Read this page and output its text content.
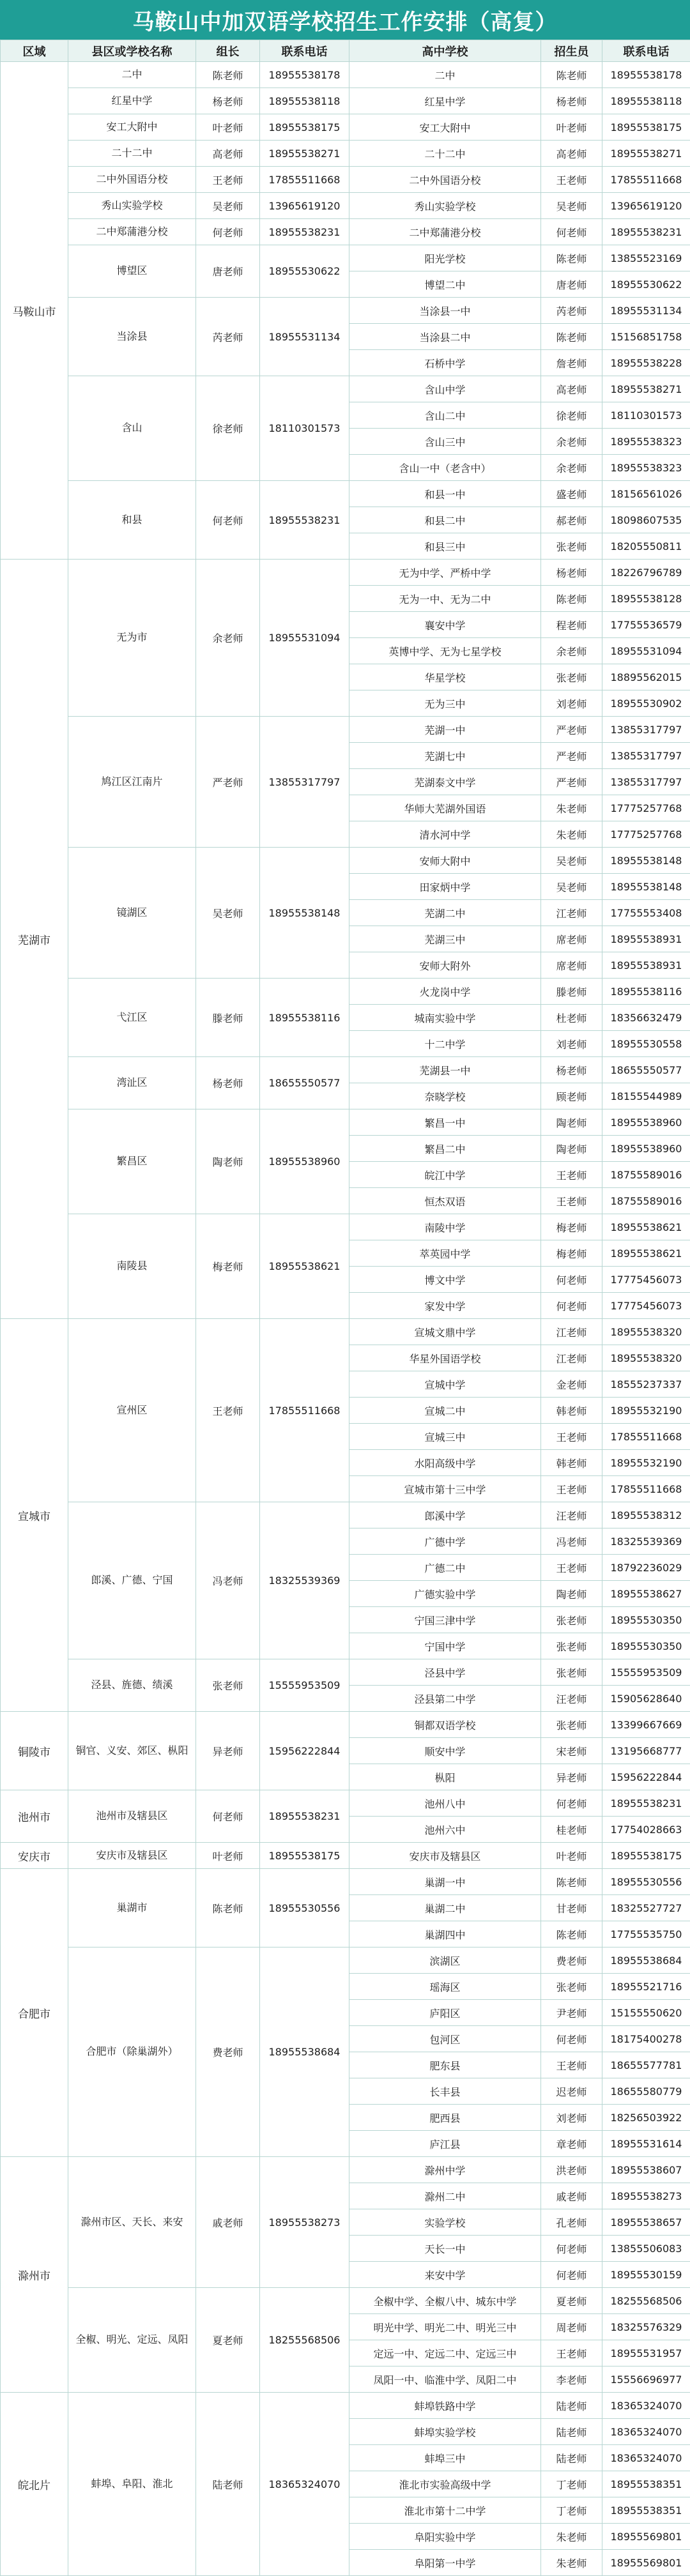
马鞍山中加双语学校招生工作安排（高复）
区域	县区或学校名称	组长	联系电话	高中学校	招生员	联系电话
马鞍山市	二中	陈老师	18955538178	二中	陈老师	18955538178
	红星中学	杨老师	18955538118	红星中学	杨老师	18955538118
	安工大附中	叶老师	18955538175	安工大附中	叶老师	18955538175
	二十二中	高老师	18955538271	二十二中	高老师	18955538271
	二中外国语分校	王老师	17855511668	二中外国语分校	王老师	17855511668
	秀山实验学校	吴老师	13965619120	秀山实验学校	吴老师	13965619120
	二中郑蒲港分校	何老师	18955538231	二中郑蒲港分校	何老师	18955538231
	博望区	唐老师	18955530622	阳光学校	陈老师	13855523169
				博望二中	唐老师	18955530622
	当涂县	芮老师	18955531134	当涂县一中	芮老师	18955531134
				当涂县二中	陈老师	15156851758
				石桥中学	詹老师	18955538228
	含山	徐老师	18110301573	含山中学	高老师	18955538271
				含山二中	徐老师	18110301573
				含山三中	余老师	18955538323
				含山一中（老含中）	余老师	18955538323
	和县	何老师	18955538231	和县一中	盛老师	18156561026
				和县二中	郝老师	18098607535
				和县三中	张老师	18205550811
芜湖市	无为市	余老师	18955531094	无为中学、严桥中学	杨老师	18226796789
				无为一中、无为二中	陈老师	18955538128
				襄安中学	程老师	17755536579
				英博中学、无为七星学校	余老师	18955531094
				华星学校	张老师	18895562015
				无为三中	刘老师	18955530902
	鸠江区江南片	严老师	13855317797	芜湖一中	严老师	13855317797
				芜湖七中	严老师	13855317797
				芜湖泰文中学	严老师	13855317797
				华师大芜湖外国语	朱老师	17775257768
				清水河中学	朱老师	17775257768
	镜湖区	吴老师	18955538148	安师大附中	吴老师	18955538148
				田家炳中学	吴老师	18955538148
				芜湖二中	江老师	17755553408
				芜湖三中	席老师	18955538931
				安师大附外	席老师	18955538931
	弋江区	滕老师	18955538116	火龙岗中学	滕老师	18955538116
				城南实验中学	杜老师	18356632479
				十二中学	刘老师	18955530558
	湾沚区	杨老师	18655550577	芜湖县一中	杨老师	18655550577
				奈晓学校	顾老师	18155544989
	繁昌区	陶老师	18955538960	繁昌一中	陶老师	18955538960
				繁昌二中	陶老师	18955538960
				皖江中学	王老师	18755589016
				恒杰双语	王老师	18755589016
	南陵县	梅老师	18955538621	南陵中学	梅老师	18955538621
				萃英园中学	梅老师	18955538621
				博文中学	何老师	17775456073
				家发中学	何老师	17775456073
宣城市	宣州区	王老师	17855511668	宣城文鼎中学	江老师	18955538320
				华星外国语学校	江老师	18955538320
				宣城中学	金老师	18555237337
				宣城二中	韩老师	18955532190
				宣城三中	王老师	17855511668
				水阳高级中学	韩老师	18955532190
				宣城市第十三中学	王老师	17855511668
	郎溪、广德、宁国	冯老师	18325539369	郎溪中学	汪老师	18955538312
				广德中学	冯老师	18325539369
				广德二中	王老师	18792236029
				广德实验中学	陶老师	18955538627
				宁国三津中学	张老师	18955530350
				宁国中学	张老师	18955530350
	泾县、旌德、绩溪	张老师	15555953509	泾县中学	张老师	15555953509
				泾县第二中学	汪老师	15905628640
铜陵市	铜官、义安、郊区、枞阳	异老师	15956222844	铜都双语学校	张老师	13399667669
				顺安中学	宋老师	13195668777
				枞阳	异老师	15956222844
池州市	池州市及辖县区	何老师	18955538231	池州八中	何老师	18955538231
				池州六中	桂老师	17754028663
安庆市	安庆市及辖县区	叶老师	18955538175	安庆市及辖县区	叶老师	18955538175
合肥市	巢湖市	陈老师	18955530556	巢湖一中	陈老师	18955530556
				巢湖二中	甘老师	18325527727
				巢湖四中	陈老师	17755535750
	合肥市（除巢湖外）	费老师	18955538684	滨湖区	费老师	18955538684
				瑶海区	张老师	18955521716
				庐阳区	尹老师	15155550620
				包河区	何老师	18175400278
				肥东县	王老师	18655577781
				长丰县	迟老师	18655580779
				肥西县	刘老师	18256503922
				庐江县	章老师	18955531614
滁州市	滁州市区、天长、来安	戚老师	18955538273	滁州中学	洪老师	18955538607
				滁州二中	戚老师	18955538273
				实验学校	孔老师	18955538657
				天长一中	何老师	13855506083
				来安中学	何老师	18955530159
	全椒、明光、定远、凤阳	夏老师	18255568506	全椒中学、全椒八中、城东中学	夏老师	18255568506
				明光中学、明光二中、明光三中	周老师	18325576329
				定远一中、定远二中、定远三中	王老师	18955531957
				凤阳一中、临淮中学、凤阳二中	李老师	15556696977
皖北片	蚌埠、阜阳、淮北	陆老师	18365324070	蚌埠铁路中学	陆老师	18365324070
				蚌埠实验学校	陆老师	18365324070
				蚌埠三中	陆老师	18365324070
				淮北市实验高级中学	丁老师	18955538351
				淮北市第十二中学	丁老师	18955538351
				阜阳实验中学	朱老师	18955569801
				阜阳第一中学	朱老师	18955569801
